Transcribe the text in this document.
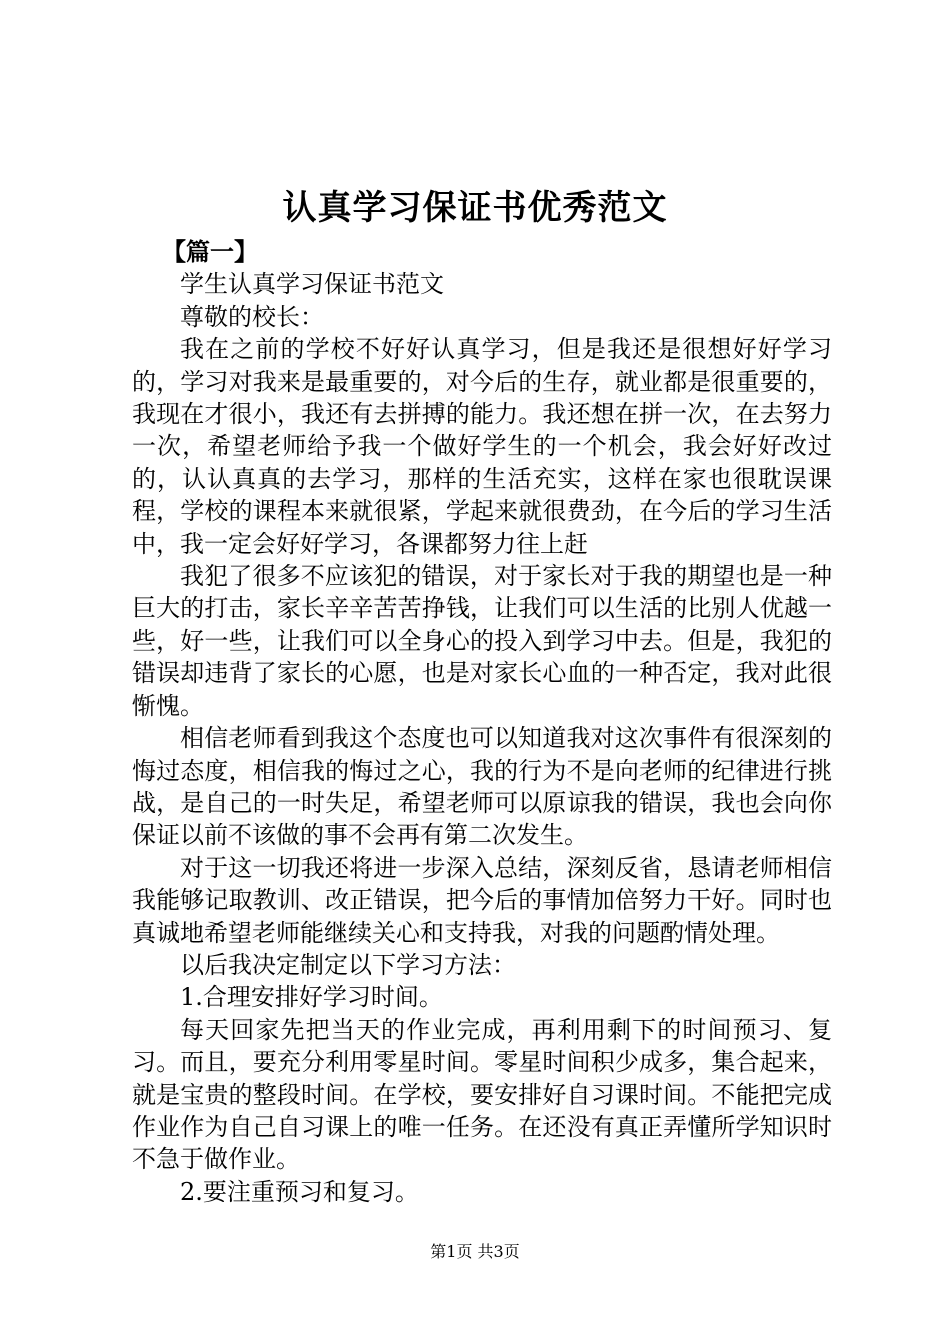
认真学习保证书优秀范文

【篇一】

学生认真学习保证书范文

尊敬的校长：

我在之前的学校不好好认真学习，但是我还是很想好好学习的，学习对我来是最重要的，对今后的生存，就业都是很重要的，我现在才很小，我还有去拼搏的能力。我还想在拼一次，在去努力一次，希望老师给予我一个做好学生的一个机会，我会好好改过的，认认真真的去学习，那样的生活充实，这样在家也很耽误课程，学校的课程本来就很紧，学起来就很费劲，在今后的学习生活中，我一定会好好学习，各课都努力往上赶

我犯了很多不应该犯的错误，对于家长对于我的期望也是一种巨大的打击，家长辛辛苦苦挣钱，让我们可以生活的比别人优越一些，好一些，让我们可以全身心的投入到学习中去。但是，我犯的错误却违背了家长的心愿，也是对家长心血的一种否定，我对此很惭愧。

相信老师看到我这个态度也可以知道我对这次事件有很深刻的悔过态度，相信我的悔过之心，我的行为不是向老师的纪律进行挑战，是自己的一时失足，希望老师可以原谅我的错误，我也会向你保证以前不该做的事不会再有第二次发生。

对于这一切我还将进一步深入总结，深刻反省，恳请老师相信我能够记取教训、改正错误，把今后的事情加倍努力干好。同时也真诚地希望老师能继续关心和支持我，对我的问题酌情处理。

以后我决定制定以下学习方法：

1.合理安排好学习时间。

每天回家先把当天的作业完成，再利用剩下的时间预习、复习。而且，要充分利用零星时间。零星时间积少成多，集合起来，就是宝贵的整段时间。在学校，要安排好自习课时间。不能把完成作业作为自己自习课上的唯一任务。在还没有真正弄懂所学知识时不急于做作业。

2.要注重预习和复习。

第1页 共3页
